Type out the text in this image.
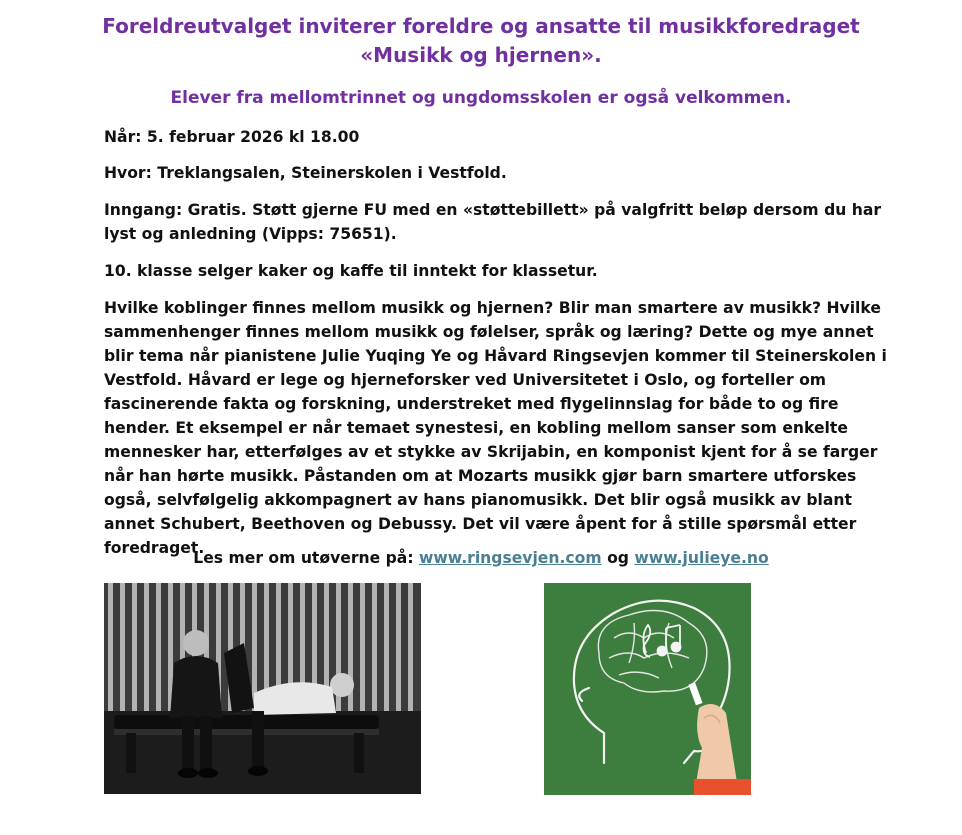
Foreldreutvalget inviterer foreldre og ansatte til musikkforedraget
«Musikk og hjernen».
Elever fra mellomtrinnet og ungdomsskolen er også velkommen.

Når: 5. februar 2026 kl 18.00

Hvor: Treklangsalen, Steinerskolen i Vestfold.

Inngang: Gratis. Støtt gjerne FU med en «støttebillett» på valgfritt beløp dersom du har lyst og anledning (Vipps: 75651).

10. klasse selger kaker og kaffe til inntekt for klassetur.

Hvilke koblinger finnes mellom musikk og hjernen? Blir man smartere av musikk? Hvilke sammenhenger finnes mellom musikk og følelser, språk og læring? Dette og mye annet blir tema når pianistene Julie Yuqing Ye og Håvard Ringsevjen kommer til Steinerskolen i Vestfold. Håvard er lege og hjerneforsker ved Universitetet i Oslo, og forteller om fascinerende fakta og forskning, understreket med flygelinnslag for både to og fire hender. Et eksempel er når temaet synestesi, en kobling mellom sanser som enkelte mennesker har, etterfølges av et stykke av Skrijabin, en komponist kjent for å se farger når han hørte musikk. Påstanden om at Mozarts musikk gjør barn smartere utforskes også, selvfølgelig akkompagnert av hans pianomusikk. Det blir også musikk av blant annet Schubert, Beethoven og Debussy. Det vil være åpent for å stille spørsmål etter foredraget.

Les mer om utøverne på: www.ringsevjen.com og www.julieye.no
